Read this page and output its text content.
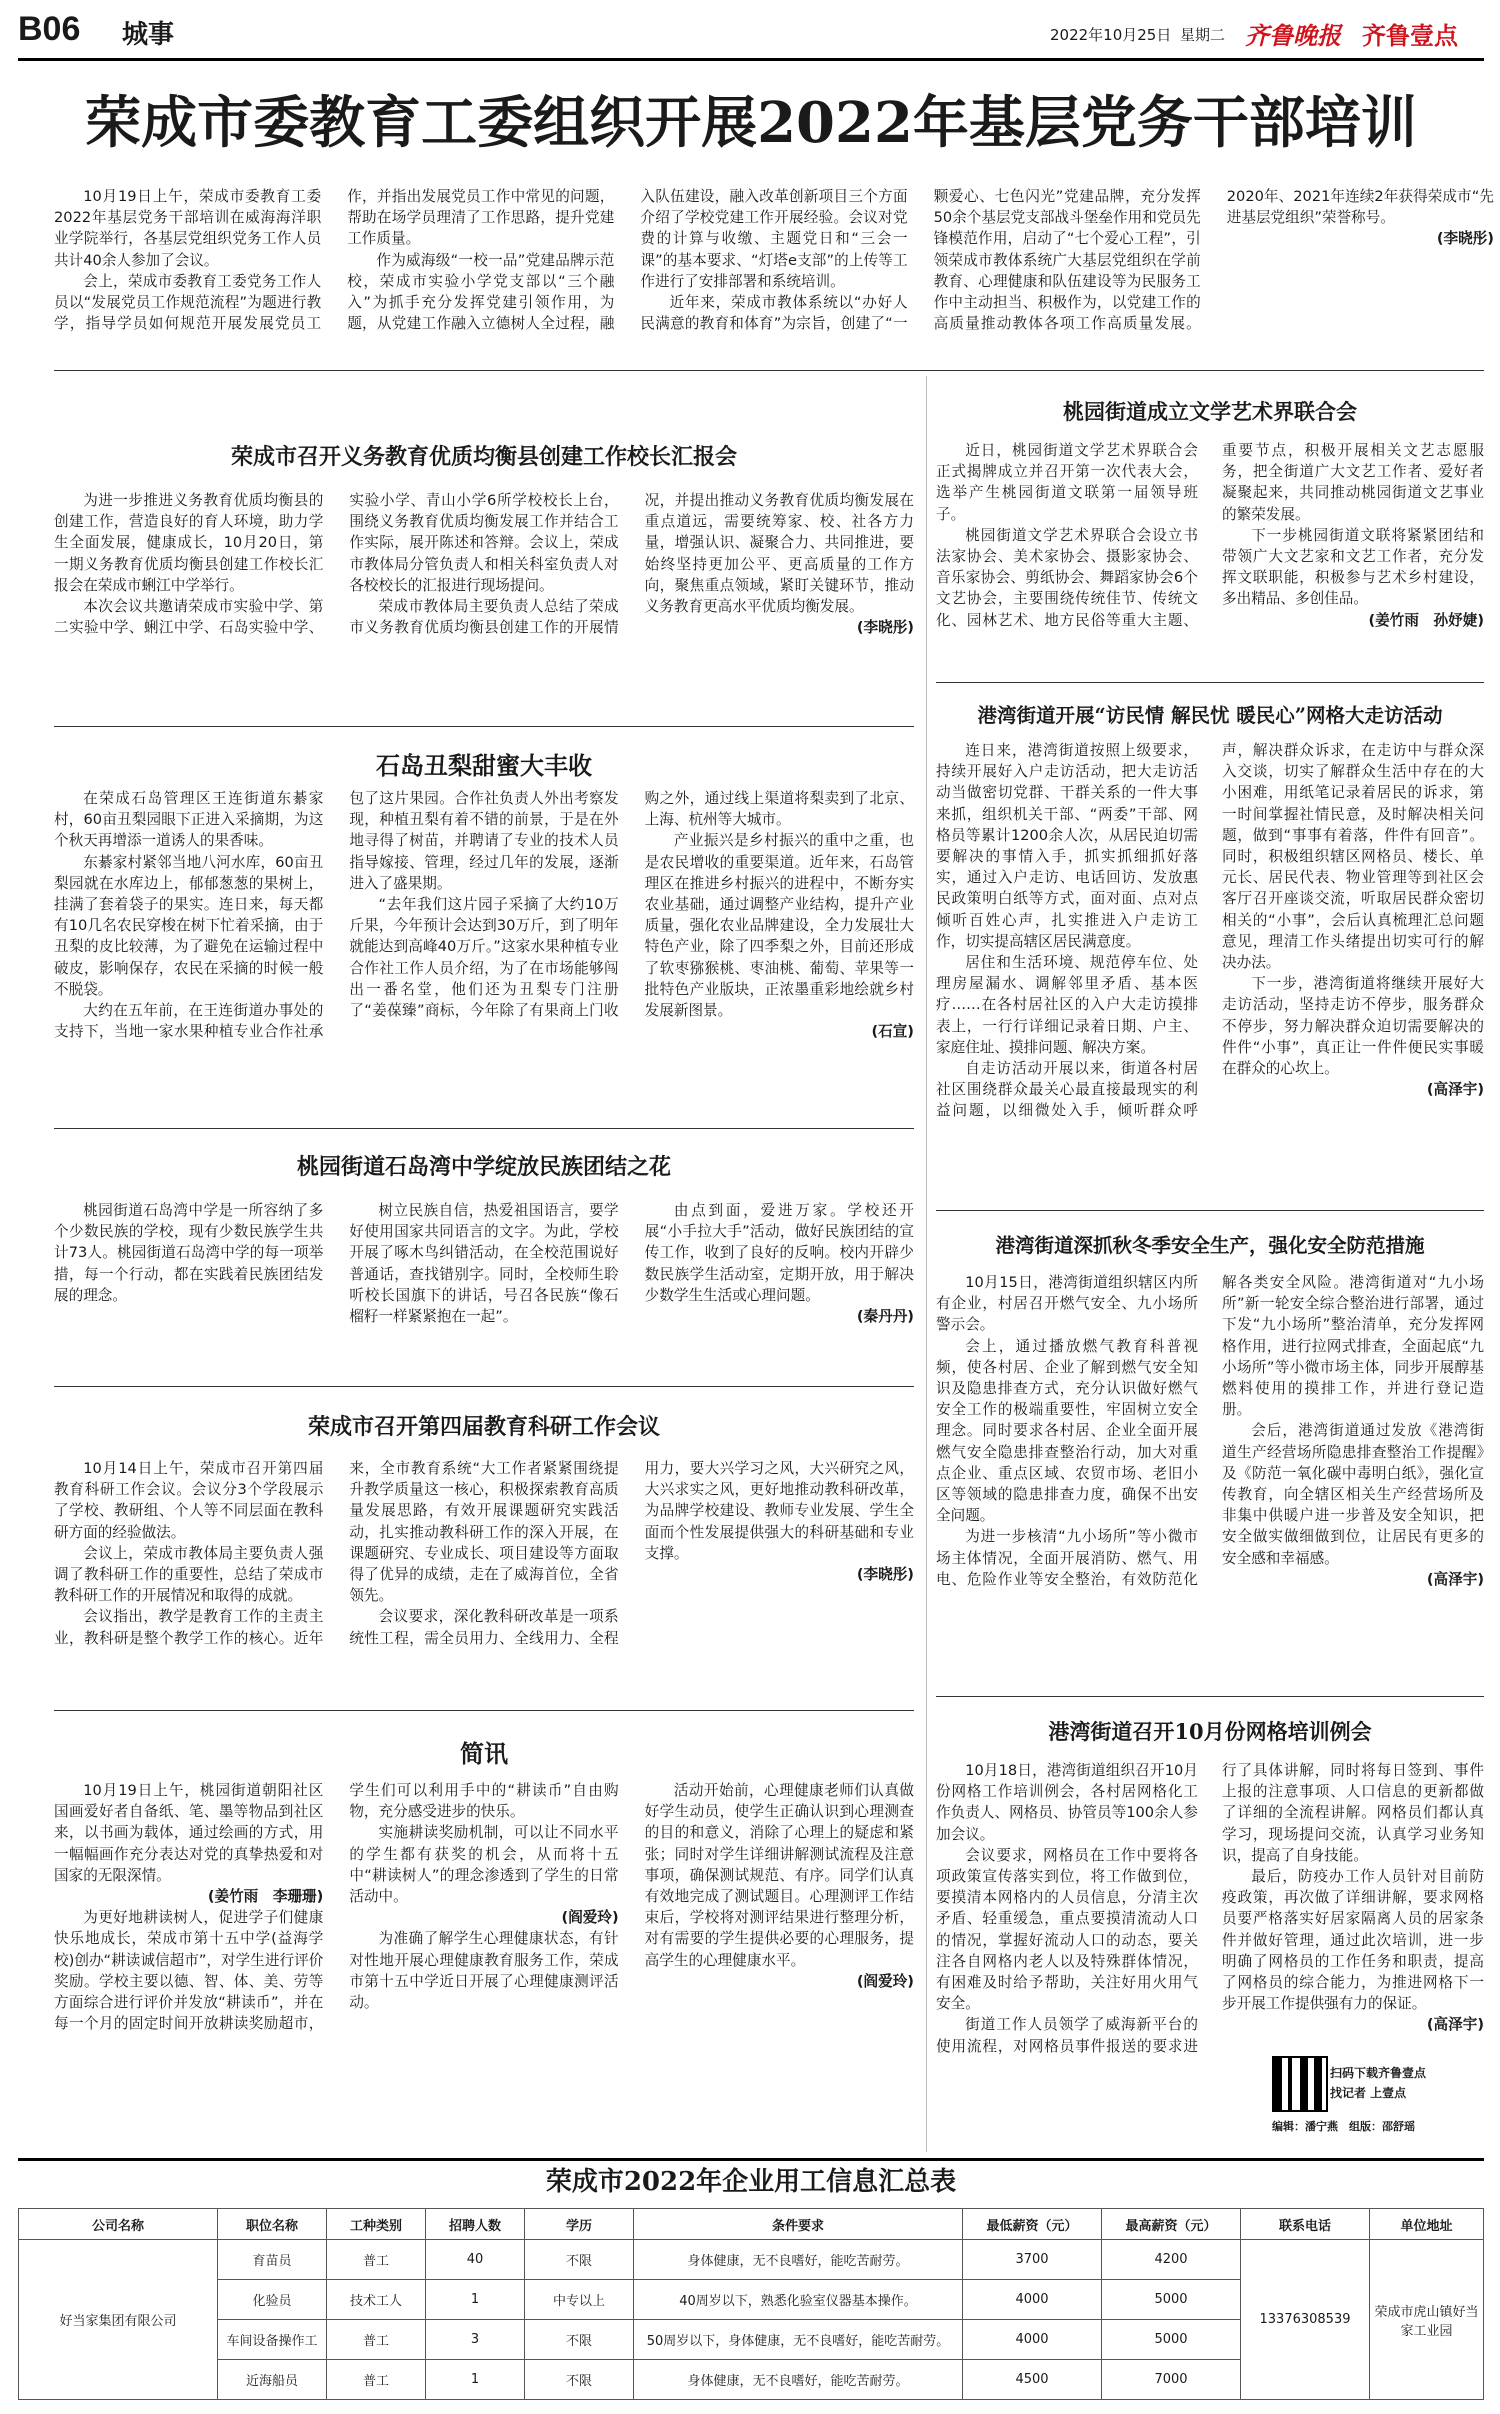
B06 城事	2022年10月25日 星期二 齐鲁晚报 齐鲁壹点
荣成市委教育工委组织开展2022年基层党务干部培训

10月19日上午，荣成市委教育工委2022年基层党务干部培训在威海海洋职业学院举行，各基层党组织党务工作人员共计40余人参加了会议。

会上，荣成市委教育工委党务工作人员以“发展党员工作规范流程”为题进行教学，指导学员如何规范开展发展党员工作，并指出发展党员工作中常见的问题，帮助在场学员理清了工作思路，提升党建工作质量。

作为威海级“一校一品”党建品牌示范校，荣成市实验小学党支部以“三个融入”为抓手充分发挥党建引领作用，为题，从党建工作融入立德树人全过程，融入队伍建设，融入改革创新项目三个方面介绍了学校党建工作开展经验。会议对党费的计算与收缴、主题党日和“三会一课”的基本要求、“灯塔e支部”的上传等工作进行了安排部署和系统培训。

近年来，荣成市教体系统以“办好人民满意的教育和体育”为宗旨，创建了“一颗爱心、七色闪光”党建品牌，充分发挥50余个基层党支部战斗堡垒作用和党员先锋模范作用，启动了“七个爱心工程”，引领荣成市教体系统广大基层党组织在学前教育、心理健康和队伍建设等为民服务工作中主动担当、积极作为，以党建工作的高质量推动教体各项工作高质量发展。2020年、2021年连续2年获得荣成市“先进基层党组织”荣誉称号。

(李晓彤)
荣成市召开义务教育优质均衡县创建工作校长汇报会

为进一步推进义务教育优质均衡县的创建工作，营造良好的育人环境，助力学生全面发展，健康成长，10月20日，第一期义务教育优质均衡县创建工作校长汇报会在荣成市蜊江中学举行。

本次会议共邀请荣成市实验中学、第二实验中学、蜊江中学、石岛实验中学、实验小学、青山小学6所学校校长上台，围绕义务教育优质均衡发展工作并结合工作实际，展开陈述和答辩。会议上，荣成市教体局分管负责人和相关科室负责人对各校校长的汇报进行现场提问。

荣成市教体局主要负责人总结了荣成市义务教育优质均衡县创建工作的开展情况，并提出推动义务教育优质均衡发展在重点道远，需要统筹家、校、社各方力量，增强认识、凝聚合力、共同推进，要始终坚持更加公平、更高质量的工作方向，聚焦重点领域，紧盯关键环节，推动义务教育更高水平优质均衡发展。

(李晓彤)
石岛丑梨甜蜜大丰收

在荣成石岛管理区王连街道东綦家村，60亩丑梨园眼下正进入采摘期，为这个秋天再增添一道诱人的果香味。

东綦家村紧邻当地八河水库，60亩丑梨园就在水库边上，郁郁葱葱的果树上，挂满了套着袋子的果实。连日来，每天都有10几名农民穿梭在树下忙着采摘，由于丑梨的皮比较薄，为了避免在运输过程中破皮，影响保存，农民在采摘的时候一般不脱袋。

大约在五年前，在王连街道办事处的支持下，当地一家水果种植专业合作社承包了这片果园。合作社负责人外出考察发现，种植丑梨有着不错的前景，于是在外地寻得了树苗，并聘请了专业的技术人员指导嫁接、管理，经过几年的发展，逐渐进入了盛果期。

“去年我们这片园子采摘了大约10万斤果，今年预计会达到30万斤，到了明年就能达到高峰40万斤。”这家水果种植专业合作社工作人员介绍，为了在市场能够闯出一番名堂，他们还为丑梨专门注册了“姜葆臻”商标，今年除了有果商上门收购之外，通过线上渠道将梨卖到了北京、上海、杭州等大城市。

产业振兴是乡村振兴的重中之重，也是农民增收的重要渠道。近年来，石岛管理区在推进乡村振兴的进程中，不断夯实农业基础，通过调整产业结构，提升产业质量，强化农业品牌建设，全力发展壮大特色产业，除了四季梨之外，目前还形成了软枣猕猴桃、枣油桃、葡萄、苹果等一批特色产业版块，正浓墨重彩地绘就乡村发展新图景。

(石宣)
桃园街道石岛湾中学绽放民族团结之花

桃园街道石岛湾中学是一所容纳了多个少数民族的学校，现有少数民族学生共计73人。桃园街道石岛湾中学的每一项举措，每一个行动，都在实践着民族团结发展的理念。

树立民族自信，热爱祖国语言，要学好使用国家共同语言的文字。为此，学校开展了啄木鸟纠错活动，在全校范围说好普通话，查找错别字。同时，全校师生聆听校长国旗下的讲话，号召各民族“像石榴籽一样紧紧抱在一起”。

由点到面，爱进万家。学校还开展“小手拉大手”活动，做好民族团结的宣传工作，收到了良好的反响。校内开辟少数民族学生活动室，定期开放，用于解决少数学生生活或心理问题。

(秦丹丹)
荣成市召开第四届教育科研工作会议

10月14日上午，荣成市召开第四届教育科研工作会议。会议分3个学段展示了学校、教研组、个人等不同层面在教科研方面的经验做法。

会议上，荣成市教体局主要负责人强调了教科研工作的重要性，总结了荣成市教科研工作的开展情况和取得的成就。

会议指出，教学是教育工作的主责主业，教科研是整个教学工作的核心。近年来，全市教育系统“大工作者紧紧围绕提升教学质量这一核心，积极探索教育高质量发展思路，有效开展课题研究实践活动，扎实推动教科研工作的深入开展，在课题研究、专业成长、项目建设等方面取得了优异的成绩，走在了威海首位，全省领先。

会议要求，深化教科研改革是一项系统性工程，需全员用力、全线用力、全程用力，要大兴学习之风，大兴研究之风，大兴求实之风，更好地推动教科研改革，为品牌学校建设、教师专业发展、学生全面而个性发展提供强大的科研基础和专业支撑。

(李晓彤)
简讯

10月19日上午，桃园街道朝阳社区国画爱好者自备纸、笔、墨等物品到社区来，以书画为载体，通过绘画的方式，用一幅幅画作充分表达对党的真挚热爱和对国家的无限深情。

(姜竹雨　李珊珊)

为更好地耕读树人，促进学子们健康快乐地成长，荣成市第十五中学(益海学校)创办“耕读诚信超市”，对学生进行评价奖励。学校主要以德、智、体、美、劳等方面综合进行评价并发放“耕读币”，并在每一个月的固定时间开放耕读奖励超市，学生们可以利用手中的“耕读币”自由购物，充分感受进步的快乐。

实施耕读奖励机制，可以让不同水平的学生都有获奖的机会，从而将十五中“耕读树人”的理念渗透到了学生的日常活动中。

(阎爱玲)

为准确了解学生心理健康状态，有针对性地开展心理健康教育服务工作，荣成市第十五中学近日开展了心理健康测评活动。

活动开始前，心理健康老师们认真做好学生动员，使学生正确认识到心理测查的目的和意义，消除了心理上的疑虑和紧张；同时对学生详细讲解测试流程及注意事项，确保测试规范、有序。同学们认真有效地完成了测试题目。心理测评工作结束后，学校将对测评结果进行整理分析，对有需要的学生提供必要的心理服务，提高学生的心理健康水平。

(阎爱玲)
桃园街道成立文学艺术界联合会

近日，桃园街道文学艺术界联合会正式揭牌成立并召开第一次代表大会，选举产生桃园街道文联第一届领导班子。

桃园街道文学艺术界联合会设立书法家协会、美术家协会、摄影家协会、音乐家协会、剪纸协会、舞蹈家协会6个文艺协会，主要围绕传统佳节、传统文化、园林艺术、地方民俗等重大主题、重要节点，积极开展相关文艺志愿服务，把全街道广大文艺工作者、爱好者凝聚起来，共同推动桃园街道文艺事业的繁荣发展。

下一步桃园街道文联将紧紧团结和带领广大文艺家和文艺工作者，充分发挥文联职能，积极参与艺术乡村建设，多出精品、多创佳品。

(姜竹雨　孙妤婕)
港湾街道开展“访民情 解民忧 暖民心”网格大走访活动

连日来，港湾街道按照上级要求，持续开展好入户走访活动，把大走访活动当做密切党群、干群关系的一件大事来抓，组织机关干部、“两委”干部、网格员等累计1200余人次，从居民迫切需要解决的事情入手，抓实抓细抓好落实，通过入户走访、电话回访、发放惠民政策明白纸等方式，面对面、点对点倾听百姓心声，扎实推进入户走访工作，切实提高辖区居民满意度。

居住和生活环境、规范停车位、处理房屋漏水、调解邻里矛盾、基本医疗……在各村居社区的入户大走访摸排表上，一行行详细记录着日期、户主、家庭住址、摸排问题、解决方案。

自走访活动开展以来，街道各村居社区围绕群众最关心最直接最现实的利益问题，以细微处入手，倾听群众呼声，解决群众诉求，在走访中与群众深入交谈，切实了解群众生活中存在的大小困难，用纸笔记录着居民的诉求，第一时间掌握社情民意，及时解决相关问题，做到“事事有着落，件件有回音”。同时，积极组织辖区网格员、楼长、单元长、居民代表、物业管理等到社区会客厅召开座谈交流，听取居民群众密切相关的“小事”，会后认真梳理汇总问题意见，理清工作头绪提出切实可行的解决办法。

下一步，港湾街道将继续开展好大走访活动，坚持走访不停步，服务群众不停步，努力解决群众迫切需要解决的件件“小事”，真正让一件件便民实事暖在群众的心坎上。

(高泽宇)
港湾街道深抓秋冬季安全生产，强化安全防范措施

10月15日，港湾街道组织辖区内所有企业，村居召开燃气安全、九小场所警示会。

会上，通过播放燃气教育科普视频，使各村居、企业了解到燃气安全知识及隐患排查方式，充分认识做好燃气安全工作的极端重要性，牢固树立安全理念。同时要求各村居、企业全面开展燃气安全隐患排查整治行动，加大对重点企业、重点区域、农贸市场、老旧小区等领域的隐患排查力度，确保不出安全问题。

为进一步核清“九小场所”等小微市场主体情况，全面开展消防、燃气、用电、危险作业等安全整治，有效防范化解各类安全风险。港湾街道对“九小场所”新一轮安全综合整治进行部署，通过下发“九小场所”整治清单，充分发挥网格作用，进行拉网式排查，全面起底“九小场所”等小微市场主体，同步开展醇基燃料使用的摸排工作，并进行登记造册。

会后，港湾街道通过发放《港湾街道生产经营场所隐患排查整治工作提醒》及《防范一氧化碳中毒明白纸》，强化宣传教育，向全辖区相关生产经营场所及非集中供暖户进一步普及安全知识，把安全做实做细做到位，让居民有更多的安全感和幸福感。

(高泽宇)
港湾街道召开10月份网格培训例会

10月18日，港湾街道组织召开10月份网格工作培训例会，各村居网格化工作负责人、网格员、协管员等100余人参加会议。

会议要求，网格员在工作中要将各项政策宣传落实到位，将工作做到位，要摸清本网格内的人员信息，分清主次矛盾、轻重缓急，重点要摸清流动人口的情况，掌握好流动人口的动态，要关注各自网格内老人以及特殊群体情况，有困难及时给予帮助，关注好用火用气安全。

街道工作人员领学了威海新平台的使用流程，对网格员事件报送的要求进行了具体讲解，同时将每日签到、事件上报的注意事项、人口信息的更新都做了详细的全流程讲解。网格员们都认真学习，现场提问交流，认真学习业务知识，提高了自身技能。

最后，防疫办工作人员针对目前防疫政策，再次做了详细讲解，要求网格员要严格落实好居家隔离人员的居家条件并做好管理，通过此次培训，进一步明确了网格员的工作任务和职责，提高了网格员的综合能力，为推进网格下一步开展工作提供强有力的保证。

(高泽宇)
扫码下载齐鲁壹点
找记者 上壹点
编辑：潘宁燕　组版：邵舒瑶
荣成市2022年企业用工信息汇总表
公司名称	职位名称	工种类别	招聘人数	学历	条件要求	最低薪资（元）	最高薪资（元）	联系电话	单位地址
好当家集团有限公司	育苗员	普工	40	不限	身体健康，无不良嗜好，能吃苦耐劳。	3700	4200	13376308539	荣成市虎山镇好当家工业园
	化验员	技术工人	1	中专以上	40周岁以下，熟悉化验室仪器基本操作。	4000	5000		
	车间设备操作工	普工	3	不限	50周岁以下，身体健康，无不良嗜好，能吃苦耐劳。	4000	5000		
	近海船员	普工	1	不限	身体健康，无不良嗜好，能吃苦耐劳。	4500	7000		
